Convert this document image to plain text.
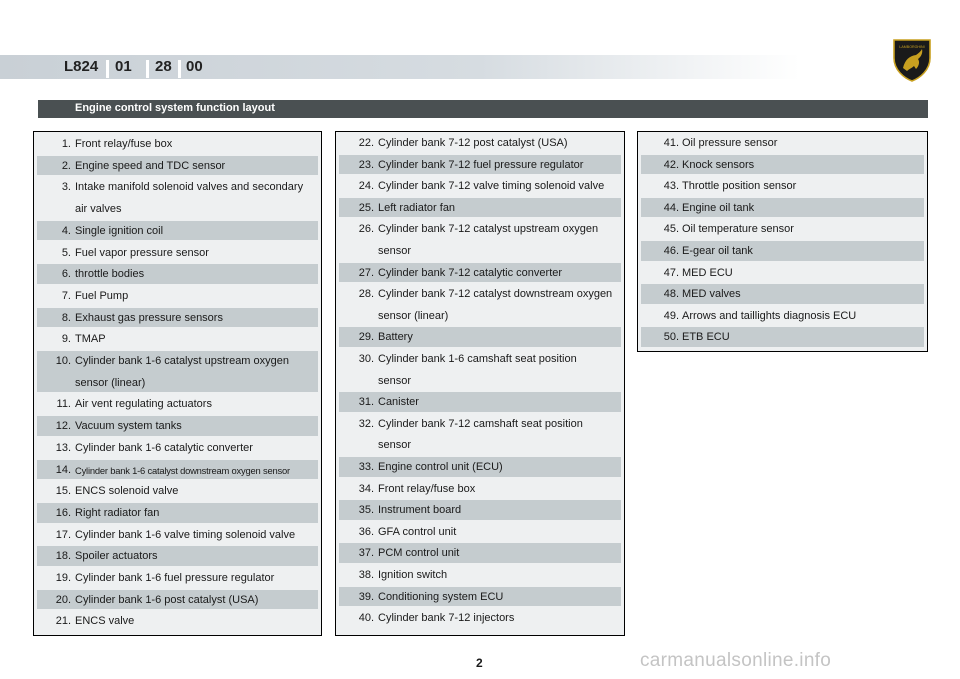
L824 01 28 00
LAMBORGHINI
Engine control system function layout
1. Front relay/fuse box
2. Engine speed and TDC sensor
3. Intake manifold solenoid valves and secondary
air valves
4. Single ignition coil
5. Fuel vapor pressure sensor
6. throttle bodies
7. Fuel Pump
8. Exhaust gas pressure sensors
9. TMAP
10. Cylinder bank 1-6 catalyst upstream oxygen
sensor (linear)
11. Air vent regulating actuators
12. Vacuum system tanks
13. Cylinder bank 1-6 catalytic converter
14. Cylinder bank 1-6 catalyst downstream oxygen sensor
15. ENCS solenoid valve
16. Right radiator fan
17. Cylinder bank 1-6 valve timing solenoid valve
18. Spoiler actuators
19. Cylinder bank 1-6 fuel pressure regulator
20. Cylinder bank 1-6 post catalyst (USA)
21. ENCS valve
22. Cylinder bank 7-12 post catalyst (USA)
23. Cylinder bank 7-12 fuel pressure regulator
24. Cylinder bank 7-12 valve timing solenoid valve
25. Left radiator fan
26. Cylinder bank 7-12 catalyst upstream oxygen
sensor
27. Cylinder bank 7-12 catalytic converter
28. Cylinder bank 7-12 catalyst downstream oxygen
sensor (linear)
29. Battery
30. Cylinder bank 1-6 camshaft seat position
sensor
31. Canister
32. Cylinder bank 7-12 camshaft seat position
sensor
33. Engine control unit (ECU)
34. Front relay/fuse box
35. Instrument board
36. GFA control unit
37. PCM control unit
38. Ignition switch
39. Conditioning system ECU
40. Cylinder bank 7-12 injectors
41. Oil pressure sensor
42. Knock sensors
43. Throttle position sensor
44. Engine oil tank
45. Oil temperature sensor
46. E-gear oil tank
47. MED ECU
48. MED valves
49. Arrows and taillights diagnosis ECU
50. ETB ECU
2	carmanualsonline.info
